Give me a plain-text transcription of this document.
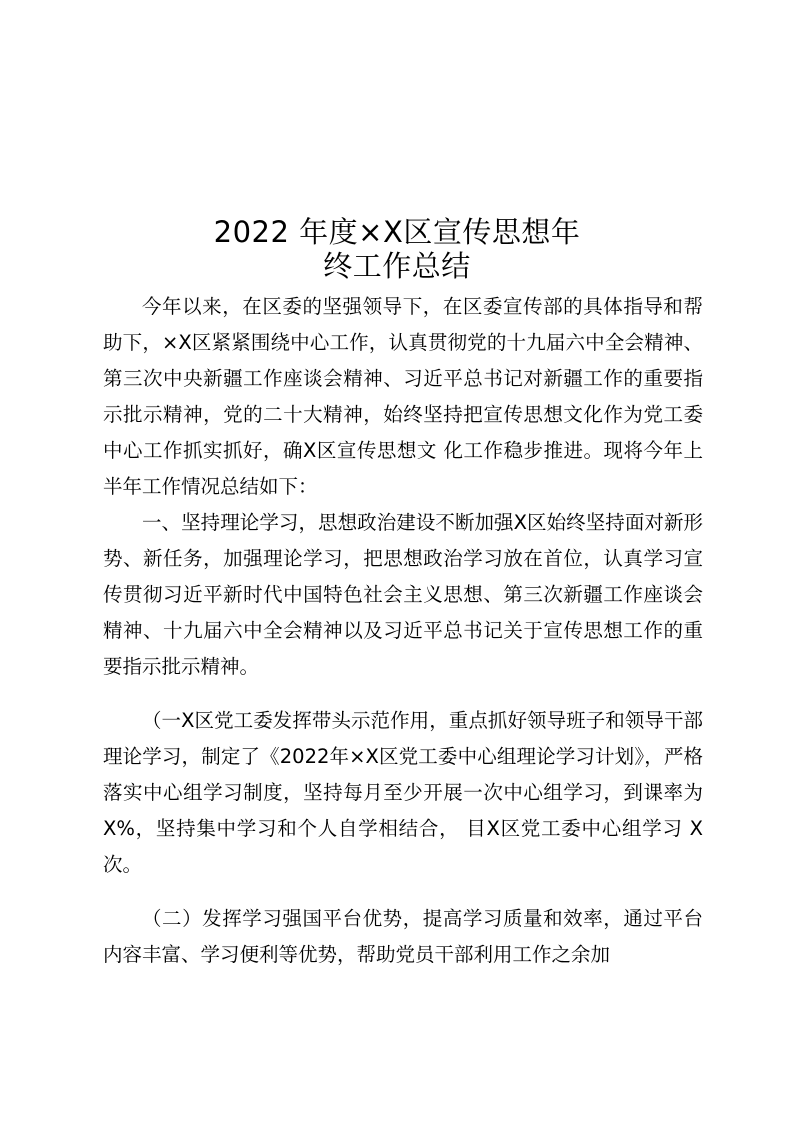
2022 年度×X区宣传思想年
终工作总结

今年以来，在区委的坚强领导下，在区委宣传部的具体指导和帮助下，×X区紧紧围绕中心工作，认真贯彻党的十九届六中全会精神、第三次中央新疆工作座谈会精神、习近平总书记对新疆工作的重要指示批示精神，党的二十大精神，始终坚持把宣传思想文化作为党工委中心工作抓实抓好，确X区宣传思想文 化工作稳步推进。现将今年上半年工作情况总结如下：

一、坚持理论学习，思想政治建设不断加强X区始终坚持面对新形势、新任务，加强理论学习，把思想政治学习放在首位，认真学习宣传贯彻习近平新时代中国特色社会主义思想、第三次新疆工作座谈会精神、十九届六中全会精神以及习近平总书记关于宣传思想工作的重要指示批示精神。

（一X区党工委发挥带头示范作用，重点抓好领导班子和领导干部理论学习，制定了《2022年×X区党工委中心组理论学习计划》，严格落实中心组学习制度，坚持每月至少开展一次中心组学习，到课率为 X%，坚持集中学习和个人自学相结合， 目X区党工委中心组学习 X 次。

（二）发挥学习强国平台优势，提高学习质量和效率，通过平台内容丰富、学习便利等优势，帮助党员干部利用工作之余加
